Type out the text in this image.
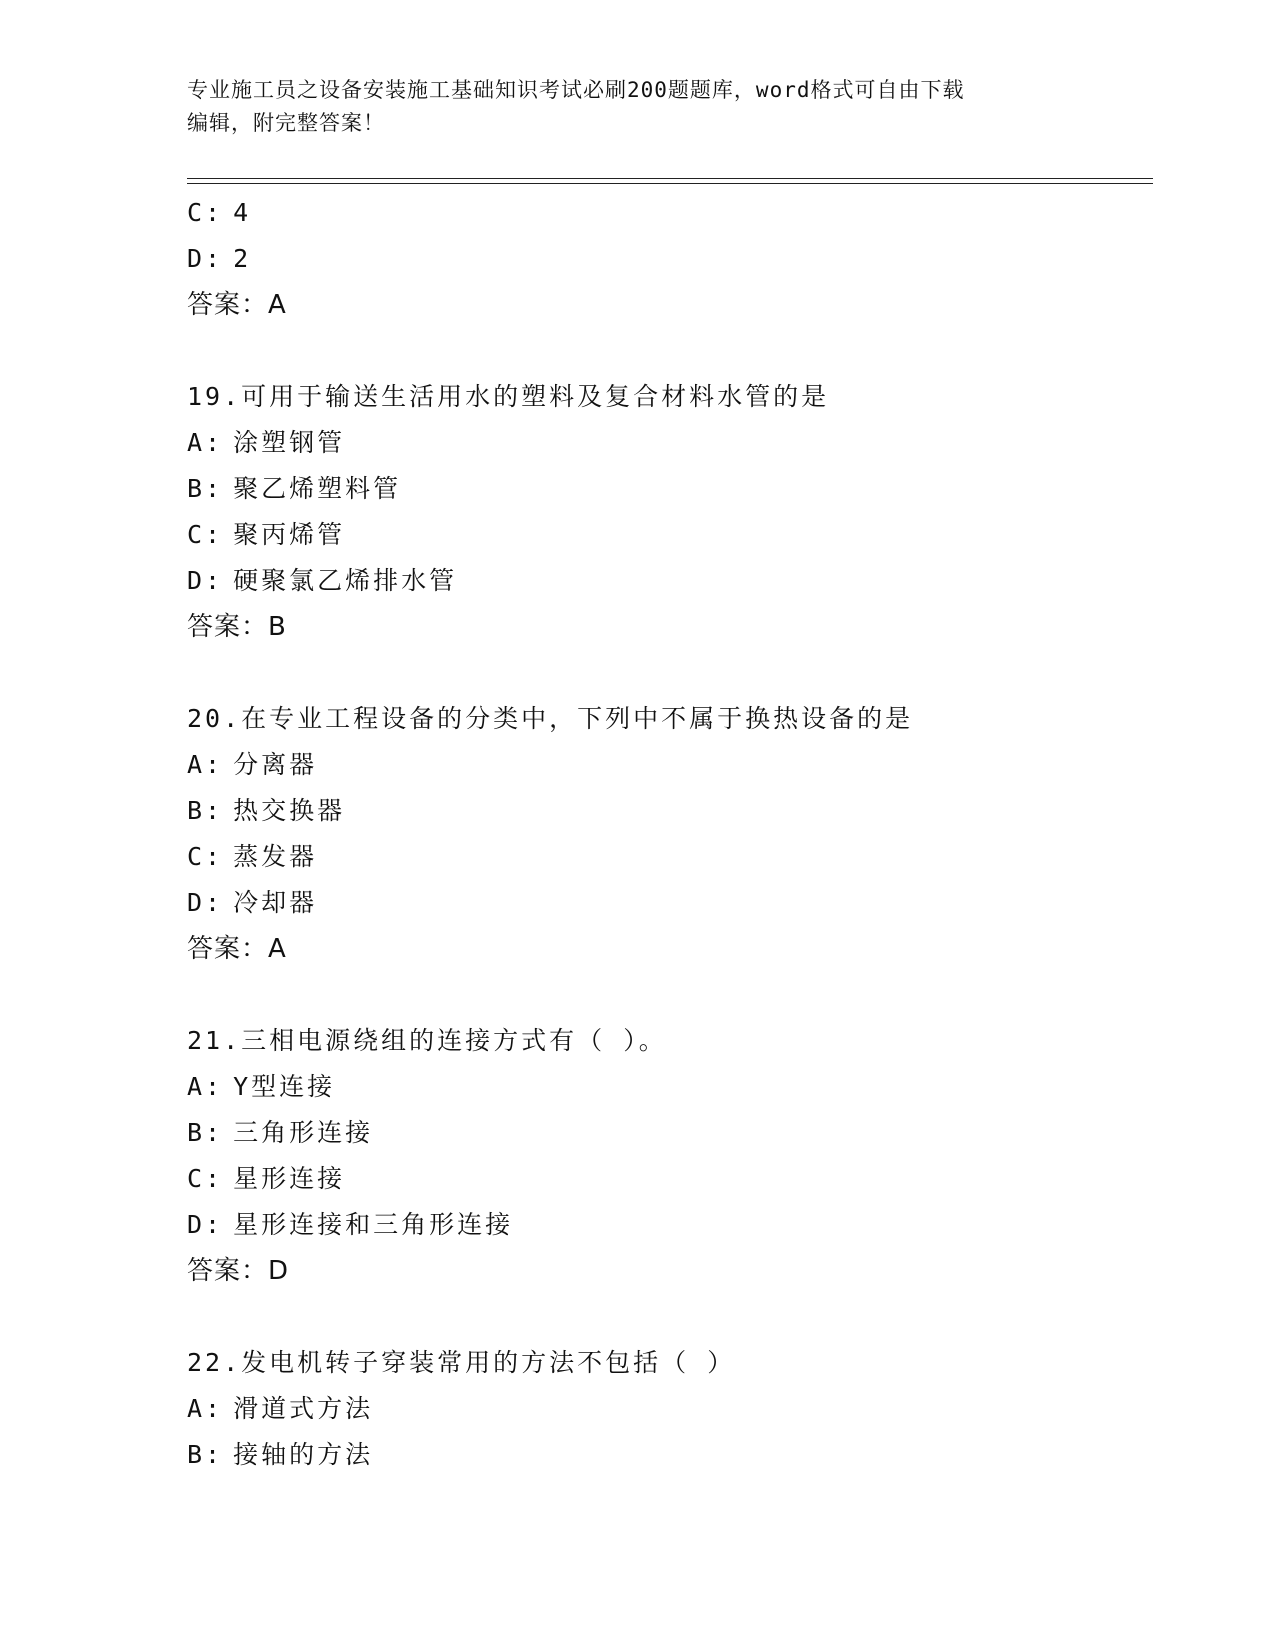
专业施工员之设备安装施工基础知识考试必刷200题题库，word格式可自由下载
编辑，附完整答案！
C: 4
D: 2
答案：A
19.可用于输送生活用水的塑料及复合材料水管的是
A: 涂塑钢管
B: 聚乙烯塑料管
C: 聚丙烯管
D: 硬聚氯乙烯排水管
答案：B
20.在专业工程设备的分类中，下列中不属于换热设备的是
A: 分离器
B: 热交换器
C: 蒸发器
D: 冷却器
答案：A
21.三相电源绕组的连接方式有（ ）。
A: Y型连接
B: 三角形连接
C: 星形连接
D: 星形连接和三角形连接
答案：D
22.发电机转子穿装常用的方法不包括（ ）
A: 滑道式方法
B: 接轴的方法
